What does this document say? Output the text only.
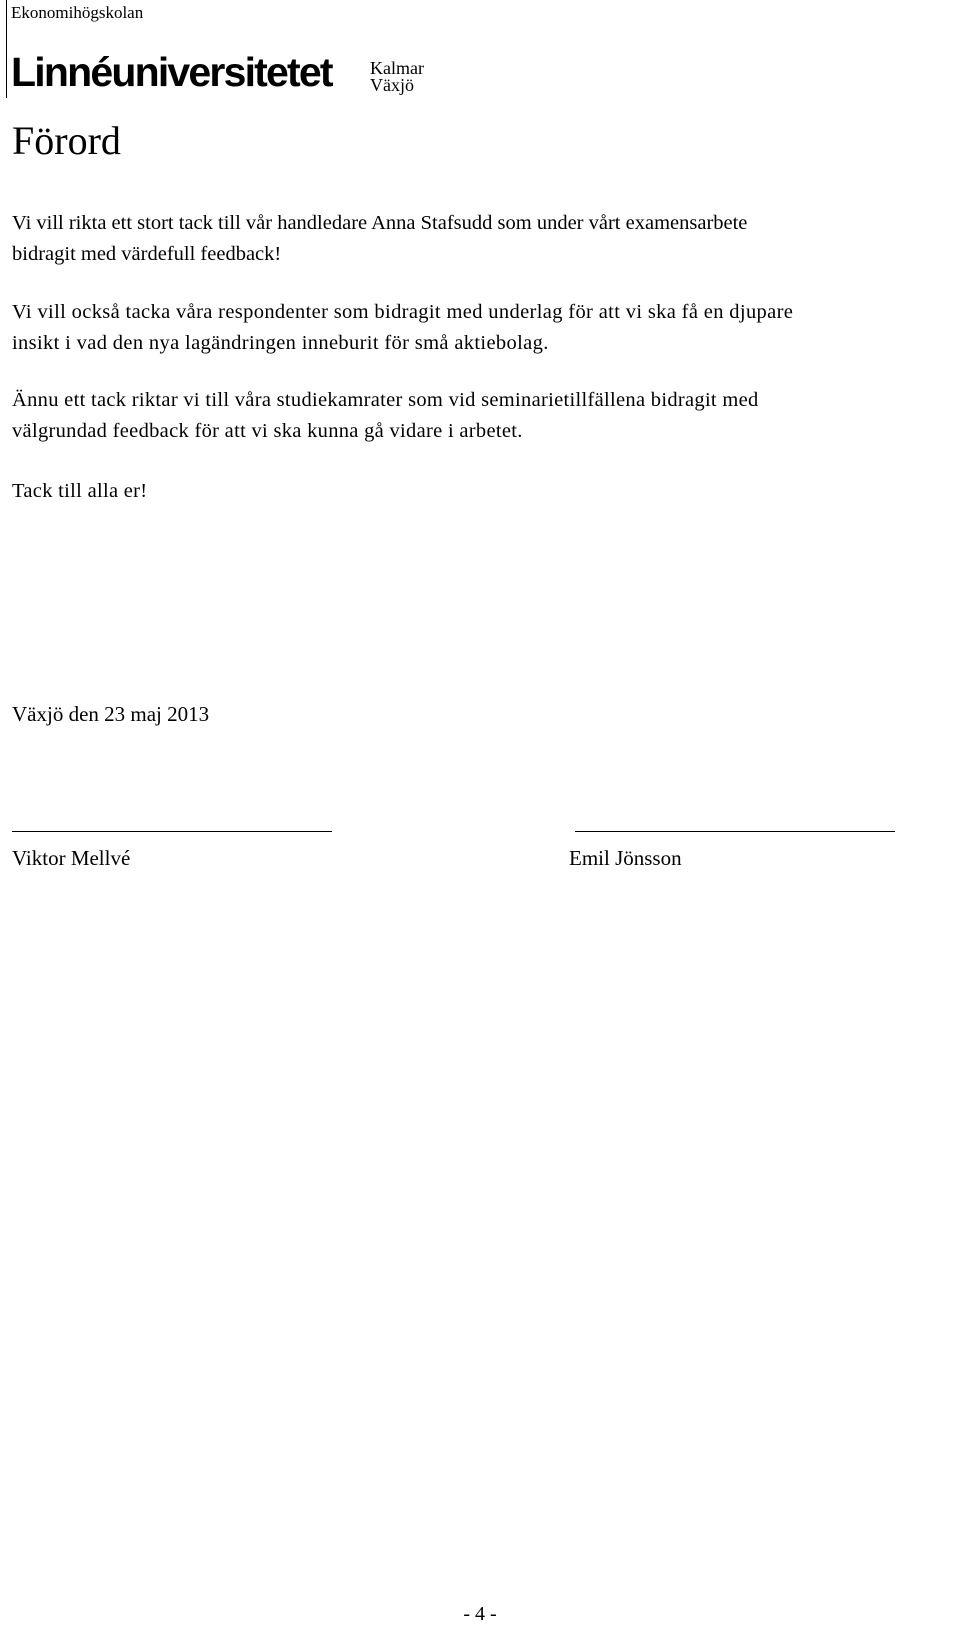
Ekonomihögskolan
Linnéuniversitetet Kalmar
Växjö
Förord

Vi vill rikta ett stort tack till vår handledare Anna Stafsudd som under vårt examensarbete
bidragit med värdefull feedback!

Vi vill också tacka våra respondenter som bidragit med underlag för att vi ska få en djupare
insikt i vad den nya lagändringen inneburit för små aktiebolag.

Ännu ett tack riktar vi till våra studiekamrater som vid seminarietillfällena bidragit med
välgrundad feedback för att vi ska kunna gå vidare i arbetet.

Tack till alla er!

Växjö den 23 maj 2013
Viktor Mellvé	Emil Jönsson
- 4 -
